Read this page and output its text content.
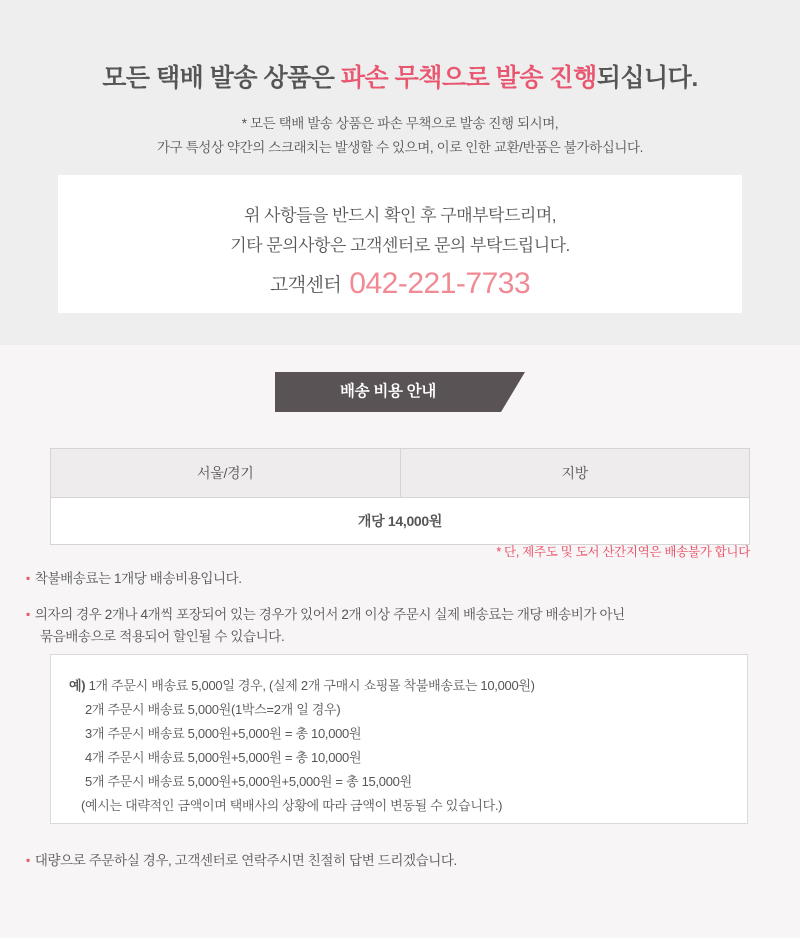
모든 택배 발송 상품은 파손 무책으로 발송 진행되십니다.
* 모든 택배 발송 상품은 파손 무책으로 발송 진행 되시며,
가구 특성상 약간의 스크래치는 발생할 수 있으며, 이로 인한 교환/반품은 불가하십니다.
위 사항들을 반드시 확인 후 구매부탁드리며,
기타 문의사항은 고객센터로 문의 부탁드립니다.
고객센터 042-221-7733
배송 비용 안내
서울/경기	지방
개당 14,000원
* 단, 제주도 및 도서 산간지역은 배송불가 합니다
▪ 착불배송료는 1개당 배송비용입니다.
▪ 의자의 경우 2개나 4개씩 포장되어 있는 경우가 있어서 2개 이상 주문시 실제 배송료는 개당 배송비가 아닌
묶음배송으로 적용되어 할인될 수 있습니다.
예) 1개 주문시 배송료 5,000일 경우, (실제 2개 구매시 쇼핑몰 착불배송료는 10,000원)
2개 주문시 배송료 5,000원(1박스=2개 일 경우)
3개 주문시 배송료 5,000원+5,000원 = 총 10,000원
4개 주문시 배송료 5,000원+5,000원 = 총 10,000원
5개 주문시 배송료 5,000원+5,000원+5,000원 = 총 15,000원
(예시는 대략적인 금액이며 택배사의 상황에 따라 금액이 변동될 수 있습니다.)
▪ 대량으로 주문하실 경우, 고객센터로 연락주시면 친절히 답변 드리겠습니다.
